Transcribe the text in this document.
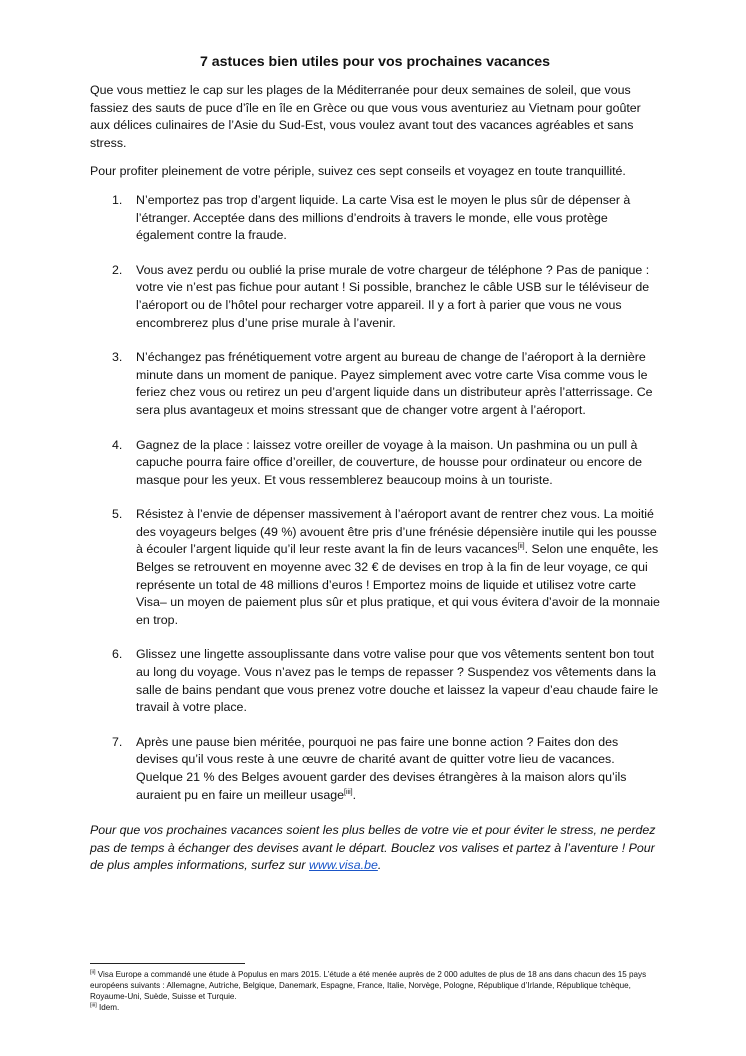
7 astuces bien utiles pour vos prochaines vacances

Que vous mettiez le cap sur les plages de la Méditerranée pour deux semaines de soleil, que vous fassiez des sauts de puce d’île en île en Grèce ou que vous vous aventuriez au Vietnam pour goûter aux délices culinaires de l’Asie du Sud-Est, vous voulez avant tout des vacances agréables et sans stress.

Pour profiter pleinement de votre périple, suivez ces sept conseils et voyagez en toute tranquillité.

1. N’emportez pas trop d’argent liquide. La carte Visa est le moyen le plus sûr de dépenser à l’étranger. Acceptée dans des millions d’endroits à travers le monde, elle vous protège également contre la fraude.
2. Vous avez perdu ou oublié la prise murale de votre chargeur de téléphone ? Pas de panique : votre vie n’est pas fichue pour autant ! Si possible, branchez le câble USB sur le téléviseur de l’aéroport ou de l’hôtel pour recharger votre appareil. Il y a fort à parier que vous ne vous encombrerez plus d’une prise murale à l’avenir.
3. N’échangez pas frénétiquement votre argent au bureau de change de l’aéroport à la dernière minute dans un moment de panique. Payez simplement avec votre carte Visa comme vous le feriez chez vous ou retirez un peu d’argent liquide dans un distributeur après l’atterrissage. Ce sera plus avantageux et moins stressant que de changer votre argent à l’aéroport.
4. Gagnez de la place : laissez votre oreiller de voyage à la maison. Un pashmina ou un pull à capuche pourra faire office d’oreiller, de couverture, de housse pour ordinateur ou encore de masque pour les yeux. Et vous ressemblerez beaucoup moins à un touriste.
5. Résistez à l’envie de dépenser massivement à l’aéroport avant de rentrer chez vous. La moitié des voyageurs belges (49 %) avouent être pris d’une frénésie dépensière inutile qui les pousse à écouler l’argent liquide qu’il leur reste avant la fin de leurs vacances[ii]. Selon une enquête, les Belges se retrouvent en moyenne avec 32 € de devises en trop à la fin de leur voyage, ce qui représente un total de 48 millions d’euros ! Emportez moins de liquide et utilisez votre carte Visa– un moyen de paiement plus sûr et plus pratique, et qui vous évitera d’avoir de la monnaie en trop.
6. Glissez une lingette assouplissante dans votre valise pour que vos vêtements sentent bon tout au long du voyage. Vous n’avez pas le temps de repasser ? Suspendez vos vêtements dans la salle de bains pendant que vous prenez votre douche et laissez la vapeur d’eau chaude faire le travail à votre place.
7. Après une pause bien méritée, pourquoi ne pas faire une bonne action ? Faites don des devises qu’il vous reste à une œuvre de charité avant de quitter votre lieu de vacances. Quelque 21 % des Belges avouent garder des devises étrangères à la maison alors qu’ils auraient pu en faire un meilleur usage[iii].

Pour que vos prochaines vacances soient les plus belles de votre vie et pour éviter le stress, ne perdez pas de temps à échanger des devises avant le départ. Bouclez vos valises et partez à l’aventure ! Pour de plus amples informations, surfez sur www.visa.be.

[ii] Visa Europe a commandé une étude à Populus en mars 2015. L’étude a été menée auprès de 2 000 adultes de plus de 18 ans dans chacun des 15 pays européens suivants : Allemagne, Autriche, Belgique, Danemark, Espagne, France, Italie, Norvège, Pologne, République d’Irlande, République tchèque, Royaume-Uni, Suède, Suisse et Turquie.

[iii] Idem.
